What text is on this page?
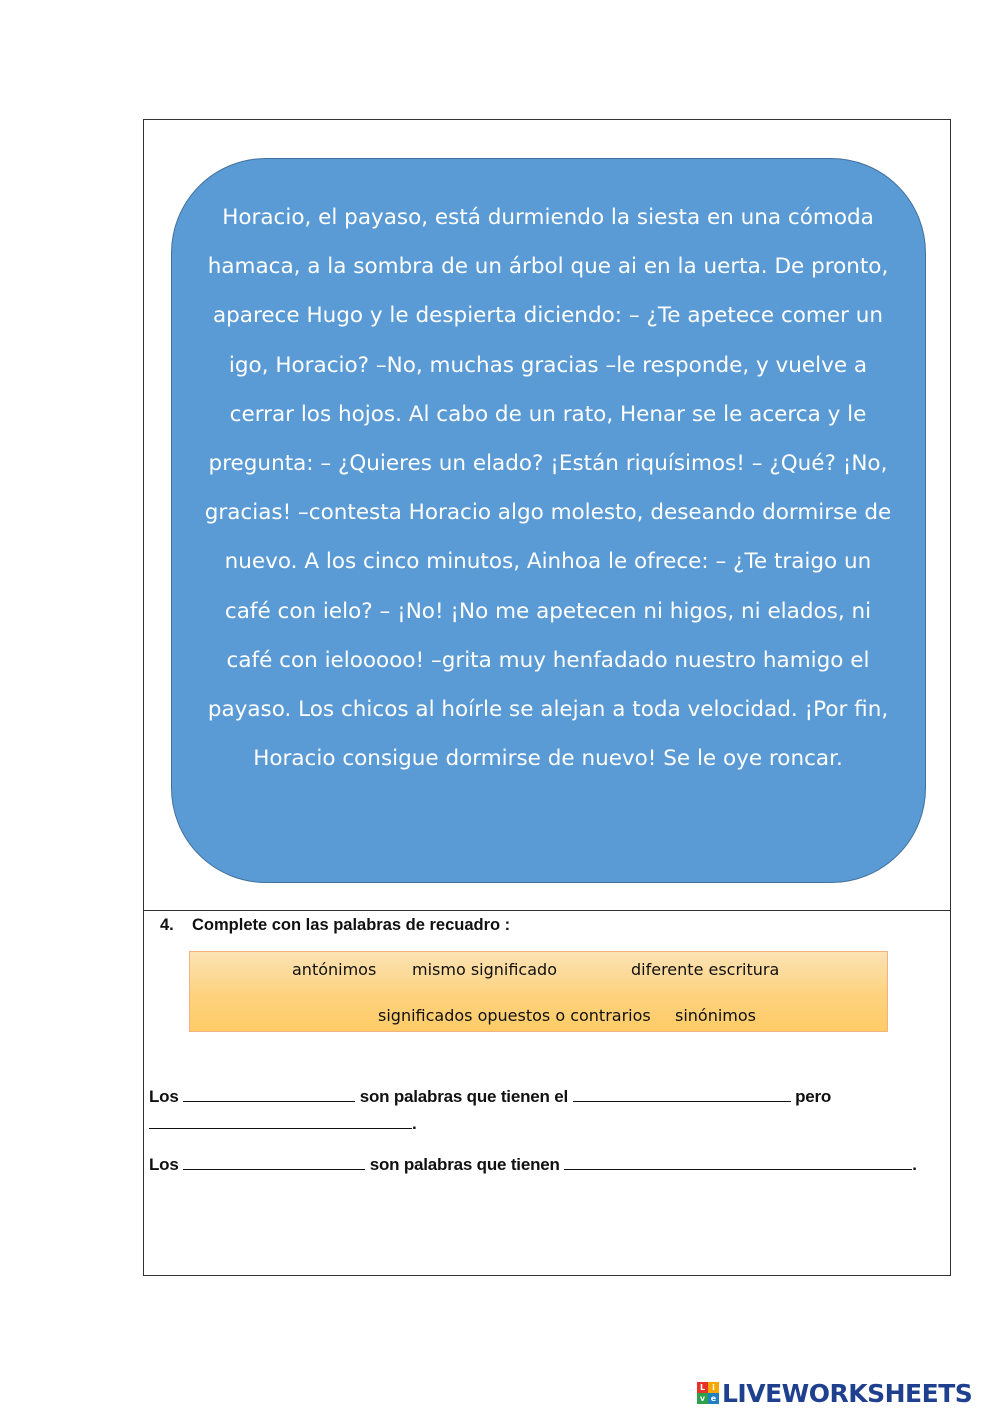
Horacio, el payaso, está durmiendo la siesta en una cómoda hamaca, a la sombra de un árbol que ai en la uerta. De pronto, aparece Hugo y le despierta diciendo: – ¿Te apetece comer un igo, Horacio? –No, muchas gracias –le responde, y vuelve a cerrar los hojos. Al cabo de un rato, Henar se le acerca y le pregunta: – ¿Quieres un elado? ¡Están riquísimos! – ¿Qué? ¡No, gracias! –contesta Horacio algo molesto, deseando dormirse de nuevo. A los cinco minutos, Ainhoa le ofrece: – ¿Te traigo un café con ielo? – ¡No! ¡No me apetecen ni higos, ni elados, ni café con ielooooo! –grita muy henfadado nuestro hamigo el payaso. Los chicos al hoírle se alejan a toda velocidad. ¡Por fin, Horacio consigue dormirse de nuevo! Se le oye roncar.

4. Complete con las palabras de recuadro :
antónimos mismo significado	diferente escritura
significados opuestos o contrarios sinónimos
Los	son palabras que tienen el	pero
.
Los	son palabras que tienen	.
L i
v e LIVEWORKSHEETS
